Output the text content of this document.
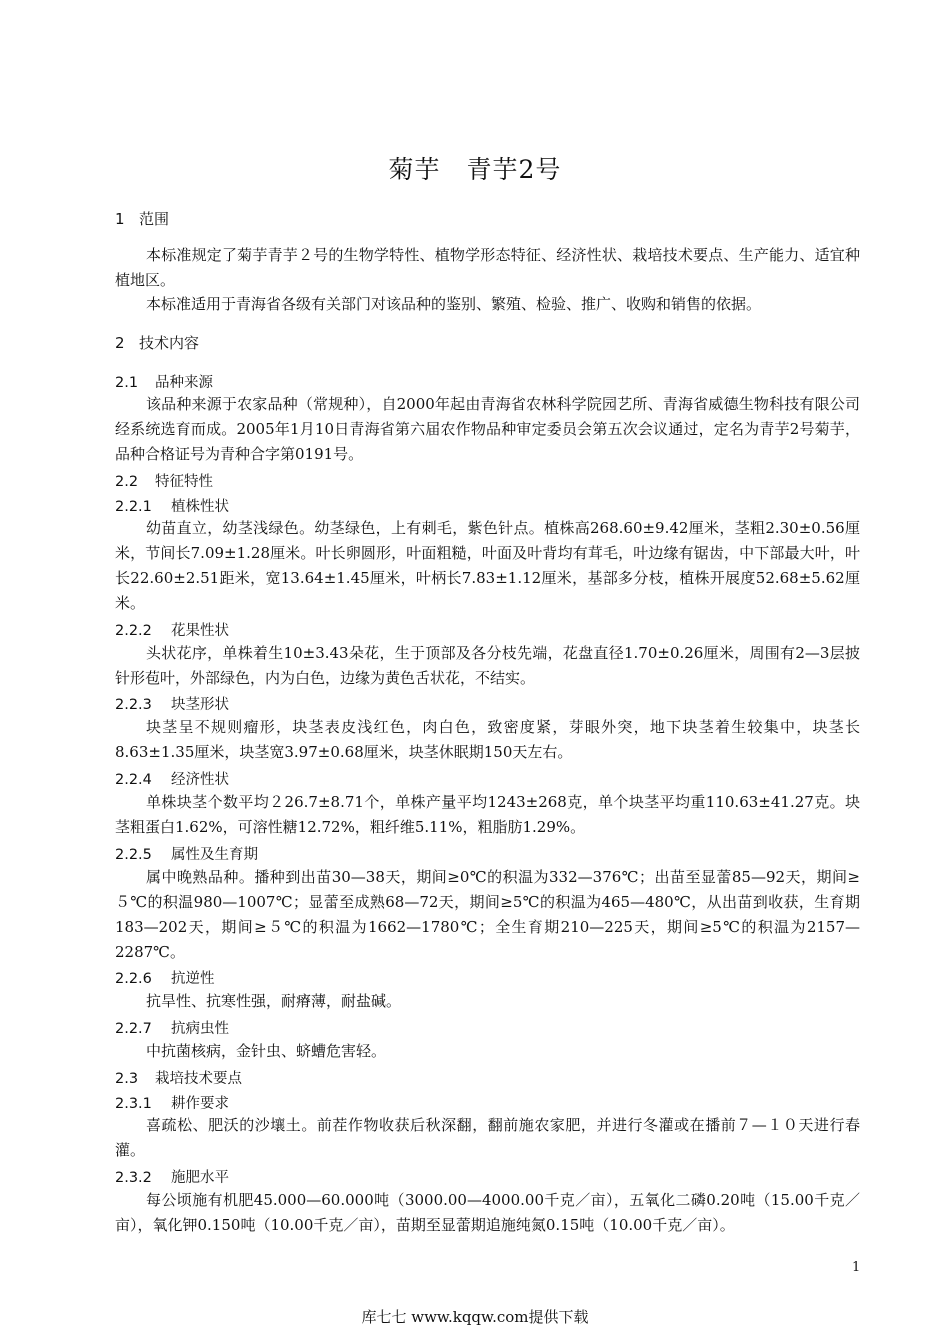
菊芋　青芋2号
1 范围
本标准规定了菊芋青芋２号的生物学特性、植物学形态特征、经济性状、栽培技术要点、生产能力、适宜种植地区。
本标准适用于青海省各级有关部门对该品种的鉴别、繁殖、检验、推广、收购和销售的依据。
2 技术内容
2.1 品种来源
该品种来源于农家品种（常规种），自2000年起由青海省农林科学院园艺所、青海省威德生物科技有限公司经系统选育而成。2005年1月10日青海省第六届农作物品种审定委员会第五次会议通过，定名为青芋2号菊芋，品种合格证号为青种合字第0191号。
2.2 特征特性
2.2.1 植株性状
幼苗直立，幼茎浅绿色。幼茎绿色，上有刺毛，紫色针点。植株高268.60±9.42厘米，茎粗2.30±0.56厘米，节间长7.09±1.28厘米。叶长卵圆形，叶面粗糙，叶面及叶背均有茸毛，叶边缘有锯齿，中下部最大叶，叶长22.60±2.51距米，宽13.64±1.45厘米，叶柄长7.83±1.12厘米，基部多分枝，植株开展度52.68±5.62厘米。
2.2.2 花果性状
头状花序，单株着生10±3.43朵花，生于顶部及各分枝先端，花盘直径1.70±0.26厘米，周围有2—3层披针形苞叶，外部绿色，内为白色，边缘为黄色舌状花，不结实。
2.2.3 块茎形状
块茎呈不规则瘤形，块茎表皮浅红色，肉白色，致密度紧，芽眼外突，地下块茎着生较集中，块茎长8.63±1.35厘米，块茎宽3.97±0.68厘米，块茎休眠期150天左右。
2.2.4 经济性状
单株块茎个数平均２26.7±8.71个，单株产量平均1243±268克，单个块茎平均重110.63±41.27克。块茎粗蛋白1.62%，可溶性糖12.72%，粗纤维5.11%，粗脂肪1.29%。
2.2.5 属性及生育期
属中晚熟品种。播种到出苗30—38天，期间≥0℃的积温为332—376℃；出苗至显蕾85—92天，期间≥５℃的积温980—1007℃；显蕾至成熟68—72天，期间≥5℃的积温为465—480℃，从出苗到收获，生育期183—202天，期间≥５℃的积温为1662—1780℃；全生育期210—225天，期间≥5℃的积温为2157—2287℃。
2.2.6 抗逆性
抗旱性、抗寒性强，耐瘠薄，耐盐碱。
2.2.7 抗病虫性
中抗菌核病，金针虫、蛴螬危害轻。
2.3 栽培技术要点
2.3.1 耕作要求
喜疏松、肥沃的沙壤土。前茬作物收获后秋深翻，翻前施农家肥，并进行冬灌或在播前７—１０天进行春灌。
2.3.2 施肥水平
每公顷施有机肥45.000—60.000吨（3000.00—4000.00千克／亩），五氧化二磷0.20吨（15.00千克／亩），氧化钾0.150吨（10.00千克／亩），苗期至显蕾期追施纯氮0.15吨（10.00千克／亩）。
1
库七七 www.kqqw.com提供下载
